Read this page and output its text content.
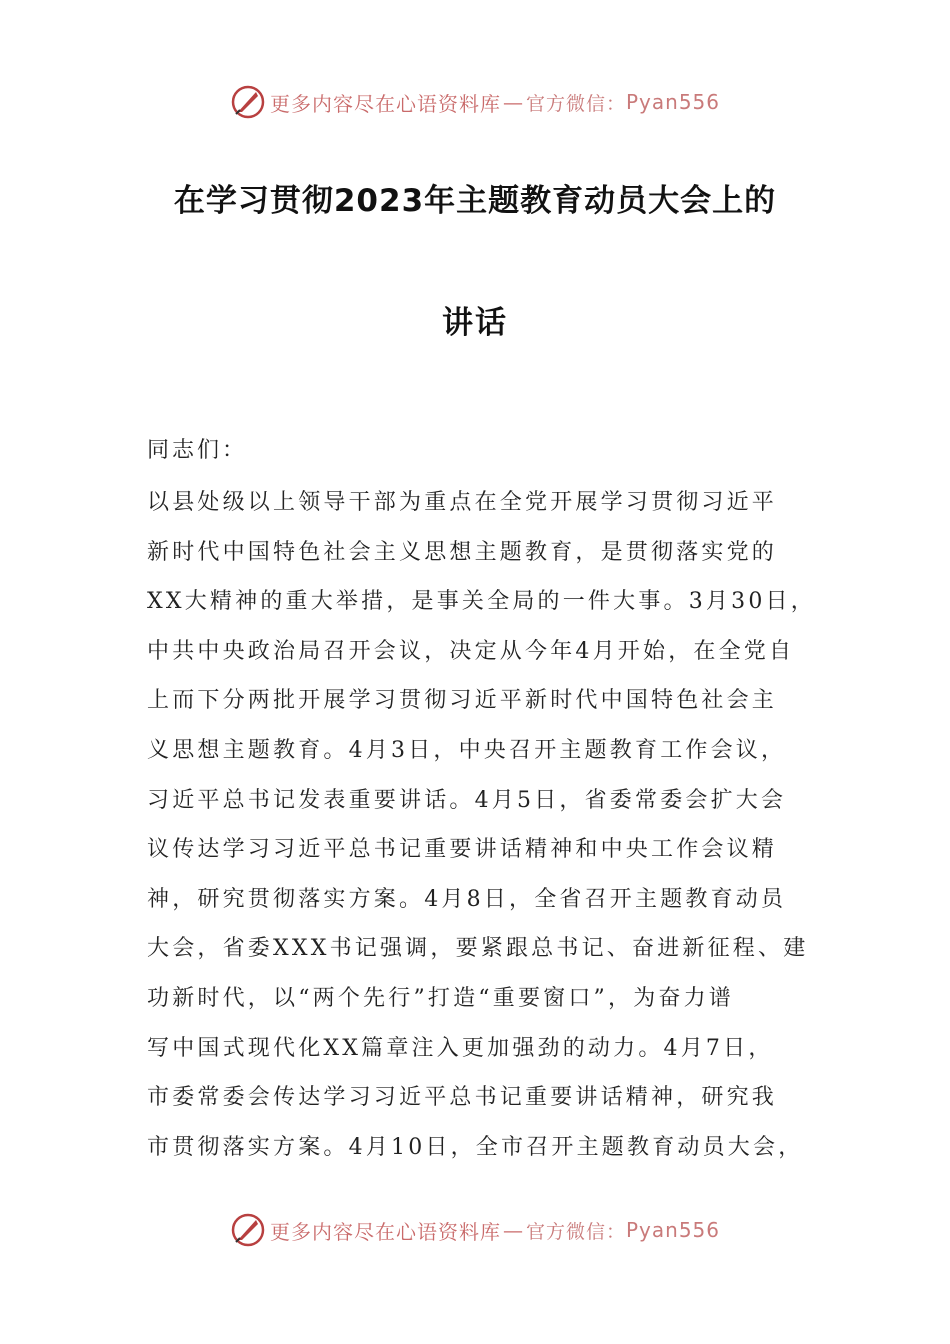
更多内容尽在心语资料库 — 官方微信： Pyan556
在学习贯彻2023年主题教育动员大会上的
讲话
同志们：
以县处级以上领导干部为重点在全党开展学习贯彻习近平
新时代中国特色社会主义思想主题教育，是贯彻落实党的
XX大精神的重大举措，是事关全局的一件大事。3月30日，
中共中央政治局召开会议，决定从今年4月开始，在全党自
上而下分两批开展学习贯彻习近平新时代中国特色社会主
义思想主题教育。4月3日，中央召开主题教育工作会议，
习近平总书记发表重要讲话。4月5日，省委常委会扩大会
议传达学习习近平总书记重要讲话精神和中央工作会议精
神，研究贯彻落实方案。4月8日，全省召开主题教育动员
大会，省委XXX书记强调，要紧跟总书记、奋进新征程、建
功新时代，以“两个先行”打造“重要窗口”，为奋力谱
写中国式现代化XX篇章注入更加强劲的动力。4月7日，
市委常委会传达学习习近平总书记重要讲话精神，研究我
市贯彻落实方案。4月10日，全市召开主题教育动员大会，
更多内容尽在心语资料库 — 官方微信： Pyan556
